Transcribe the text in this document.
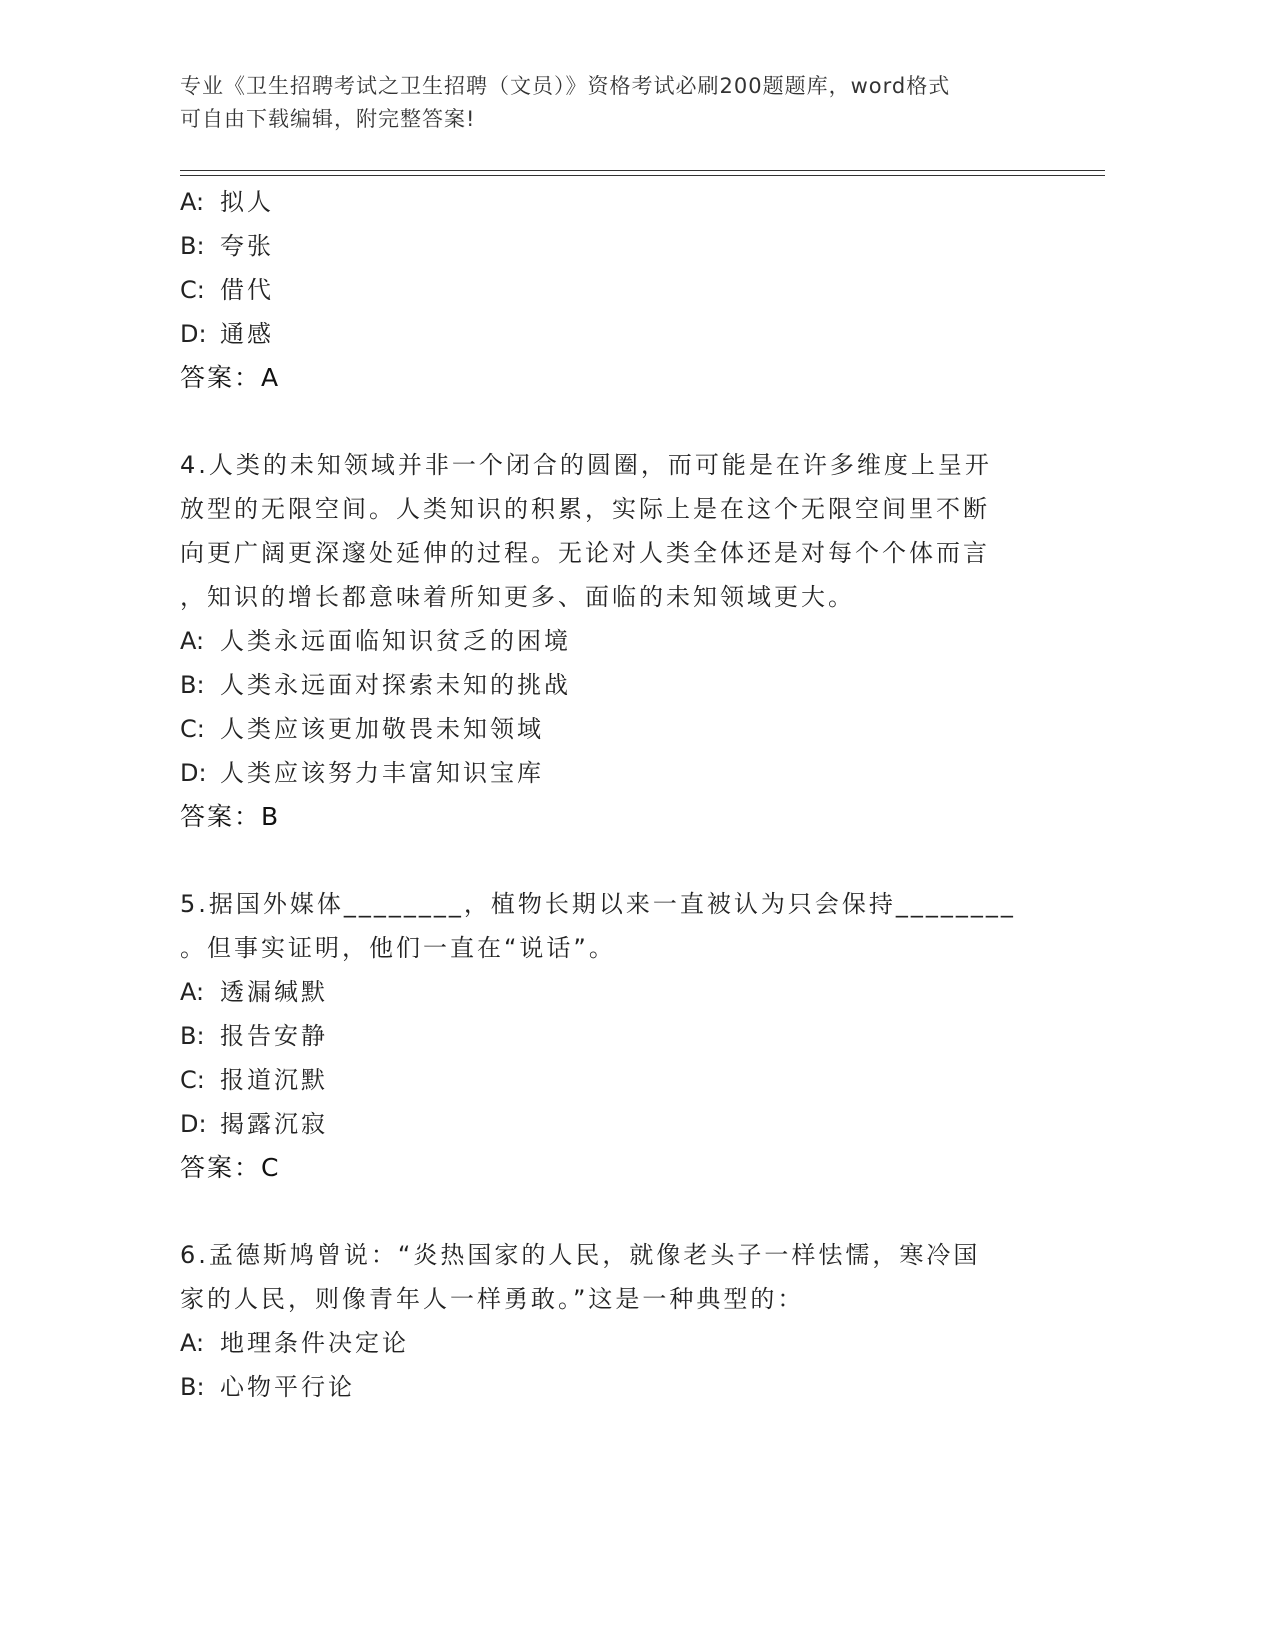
专业《卫生招聘考试之卫生招聘（文员）》资格考试必刷200题题库，word格式
可自由下载编辑，附完整答案!
A: 拟人
B: 夸张
C: 借代
D: 通感
答案：A
4.人类的未知领域并非一个闭合的圆圈，而可能是在许多维度上呈开
放型的无限空间。人类知识的积累，实际上是在这个无限空间里不断
向更广阔更深邃处延伸的过程。无论对人类全体还是对每个个体而言
，知识的增长都意味着所知更多、面临的未知领域更大。
A: 人类永远面临知识贫乏的困境
B: 人类永远面对探索未知的挑战
C: 人类应该更加敬畏未知领域
D: 人类应该努力丰富知识宝库
答案：B
5.据国外媒体________，植物长期以来一直被认为只会保持________
。但事实证明，他们一直在“说话”。
A: 透漏缄默
B: 报告安静
C: 报道沉默
D: 揭露沉寂
答案：C
6.孟德斯鸠曾说：“炎热国家的人民，就像老头子一样怯懦，寒冷国
家的人民，则像青年人一样勇敢。”这是一种典型的：
A: 地理条件决定论
B: 心物平行论
